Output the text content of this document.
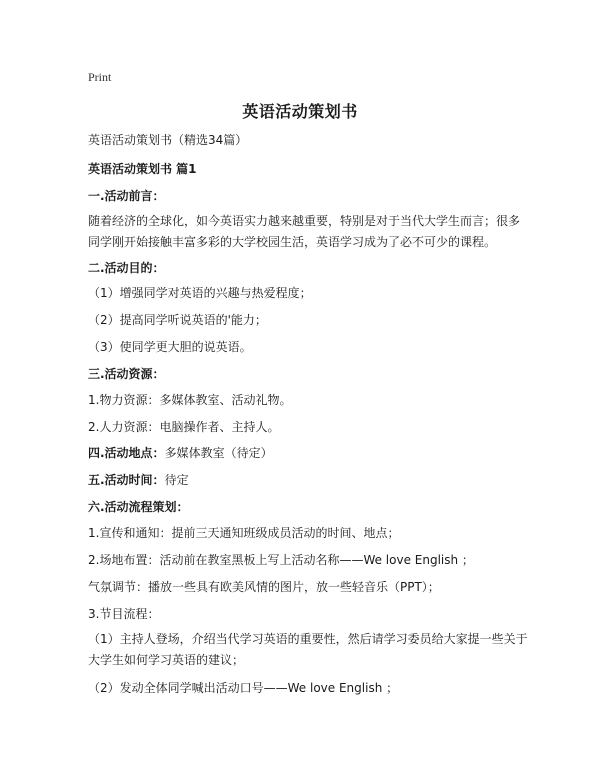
Print
英语活动策划书
英语活动策划书（精选34篇）
英语活动策划书 篇1
一.活动前言：
随着经济的全球化，如今英语实力越来越重要，特别是对于当代大学生而言；很多同学刚开始接触丰富多彩的大学校园生活，英语学习成为了必不可少的课程。
二.活动目的：
（1）增强同学对英语的兴趣与热爱程度；
（2）提高同学听说英语的'能力；
（3）使同学更大胆的说英语。
三.活动资源：
1.物力资源：多媒体教室、活动礼物。
2.人力资源：电脑操作者、主持人。
四.活动地点：多媒体教室（待定）
五.活动时间：待定
六.活动流程策划：
1.宣传和通知：提前三天通知班级成员活动的时间、地点；
2.场地布置：活动前在教室黑板上写上活动名称——We love English ；
气氛调节：播放一些具有欧美风情的图片，放一些轻音乐（PPT）；
3.节目流程：
（1）主持人登场，介绍当代学习英语的重要性，然后请学习委员给大家提一些关于大学生如何学习英语的建议；
（2）发动全体同学喊出活动口号——We love English ；
